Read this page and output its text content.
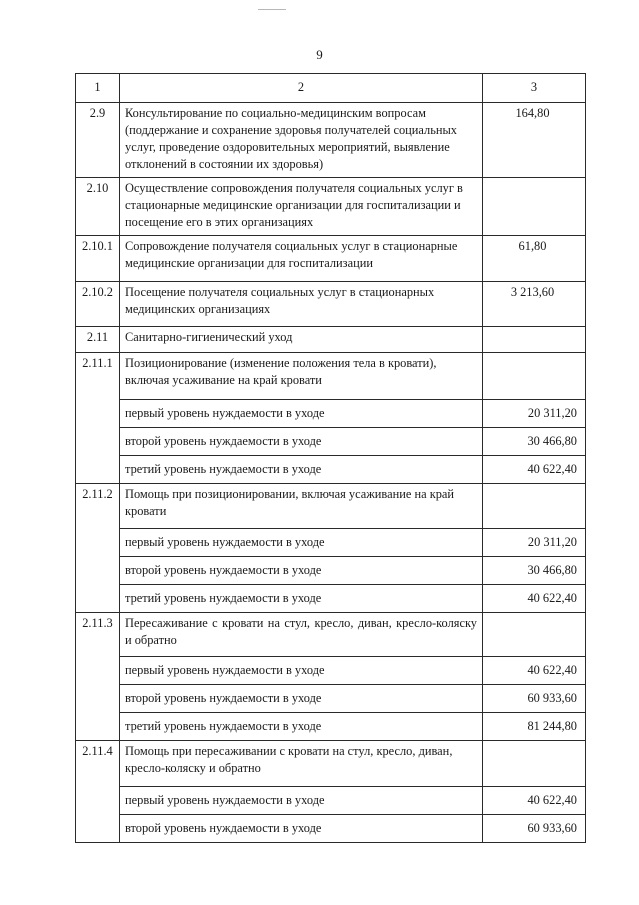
9
1	2	3
2.9	Консультирование по социально-медицинским вопросам (поддержание и сохранение здоровья получателей социальных услуг, проведение оздоровительных мероприятий, выявление отклонений в состоянии их здоровья)	164,80
2.10	Осуществление сопровождения получателя социальных услуг в стационарные медицинские организации для госпитализации и посещение его в этих организациях	
2.10.1	Сопровождение получателя социальных услуг в стационарные медицинские организации для госпитализации	61,80
2.10.2	Посещение получателя социальных услуг в стационарных медицинских организациях	3 213,60
2.11	Санитарно-гигиенический уход	
2.11.1	Позиционирование (изменение положения тела в кровати), включая усаживание на край кровати	
	первый уровень нуждаемости в уходе	20 311,20
	второй уровень нуждаемости в уходе	30 466,80
	третий уровень нуждаемости в уходе	40 622,40
2.11.2	Помощь при позиционировании, включая усаживание на край кровати	
	первый уровень нуждаемости в уходе	20 311,20
	второй уровень нуждаемости в уходе	30 466,80
	третий уровень нуждаемости в уходе	40 622,40
2.11.3	Пересаживание с кровати на стул, кресло, диван, кресло-коляску и обратно	
	первый уровень нуждаемости в уходе	40 622,40
	второй уровень нуждаемости в уходе	60 933,60
	третий уровень нуждаемости в уходе	81 244,80
2.11.4	Помощь при пересаживании с кровати на стул, кресло, диван, кресло-коляску и обратно	
	первый уровень нуждаемости в уходе	40 622,40
	второй уровень нуждаемости в уходе	60 933,60
